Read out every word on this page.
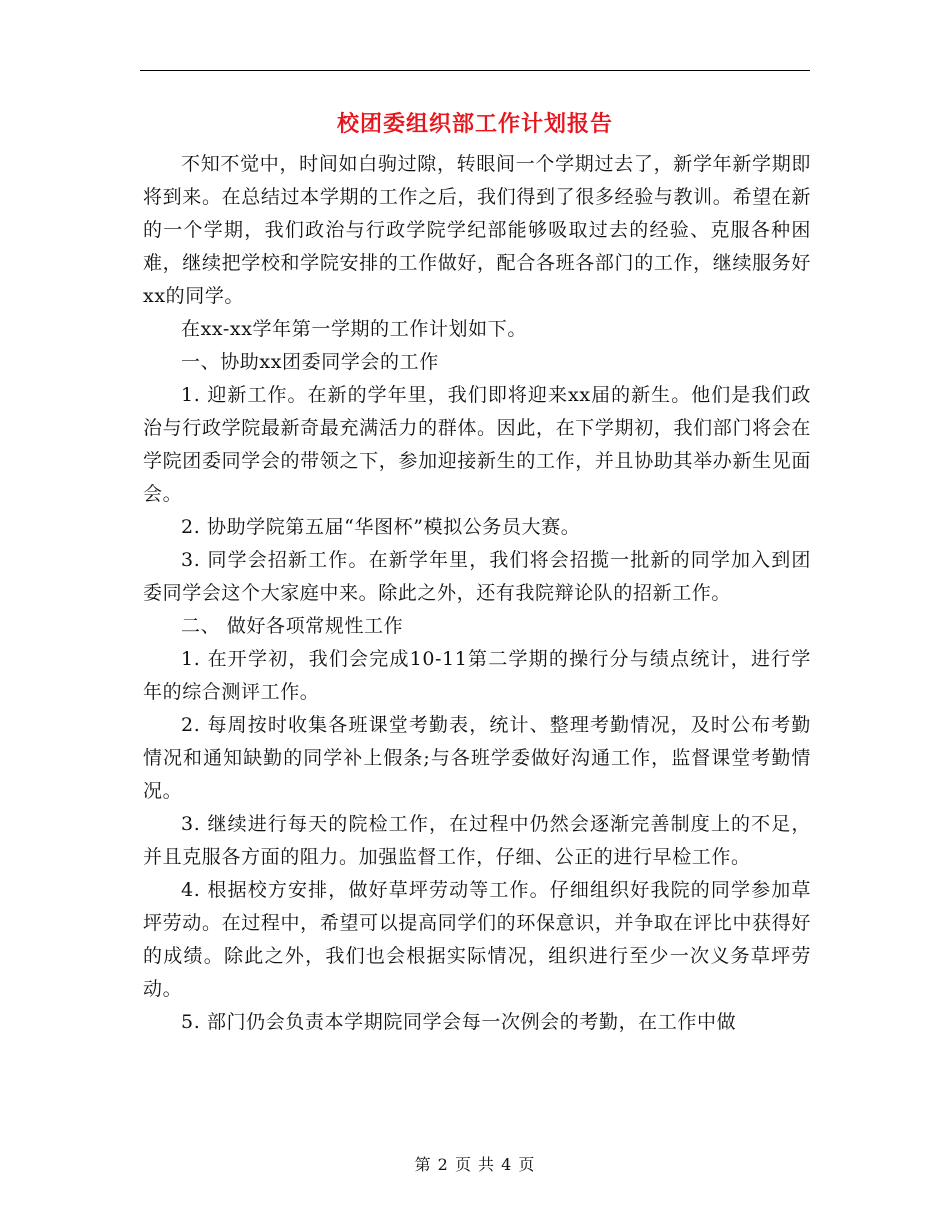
校团委组织部工作计划报告

不知不觉中，时间如白驹过隙，转眼间一个学期过去了，新学年新学期即将到来。在总结过本学期的工作之后，我们得到了很多经验与教训。希望在新的一个学期，我们政治与行政学院学纪部能够吸取过去的经验、克服各种困难，继续把学校和学院安排的工作做好，配合各班各部门的工作，继续服务好xx的同学。

在xx-xx学年第一学期的工作计划如下。

一、协助xx团委同学会的工作

1. 迎新工作。在新的学年里，我们即将迎来xx届的新生。他们是我们政治与行政学院最新奇最充满活力的群体。因此，在下学期初，我们部门将会在学院团委同学会的带领之下，参加迎接新生的工作，并且协助其举办新生见面会。

2. 协助学院第五届“华图杯”模拟公务员大赛。

3. 同学会招新工作。在新学年里，我们将会招揽一批新的同学加入到团委同学会这个大家庭中来。除此之外，还有我院辩论队的招新工作。

二、 做好各项常规性工作

1. 在开学初，我们会完成10-11第二学期的操行分与绩点统计，进行学年的综合测评工作。

2. 每周按时收集各班课堂考勤表，统计、整理考勤情况，及时公布考勤情况和通知缺勤的同学补上假条;与各班学委做好沟通工作，监督课堂考勤情况。

3. 继续进行每天的院检工作，在过程中仍然会逐渐完善制度上的不足，并且克服各方面的阻力。加强监督工作，仔细、公正的进行早检工作。

4. 根据校方安排，做好草坪劳动等工作。仔细组织好我院的同学参加草坪劳动。在过程中，希望可以提高同学们的环保意识，并争取在评比中获得好的成绩。除此之外，我们也会根据实际情况，组织进行至少一次义务草坪劳动。

5. 部门仍会负责本学期院同学会每一次例会的考勤，在工作中做

第 2 页 共 4 页
